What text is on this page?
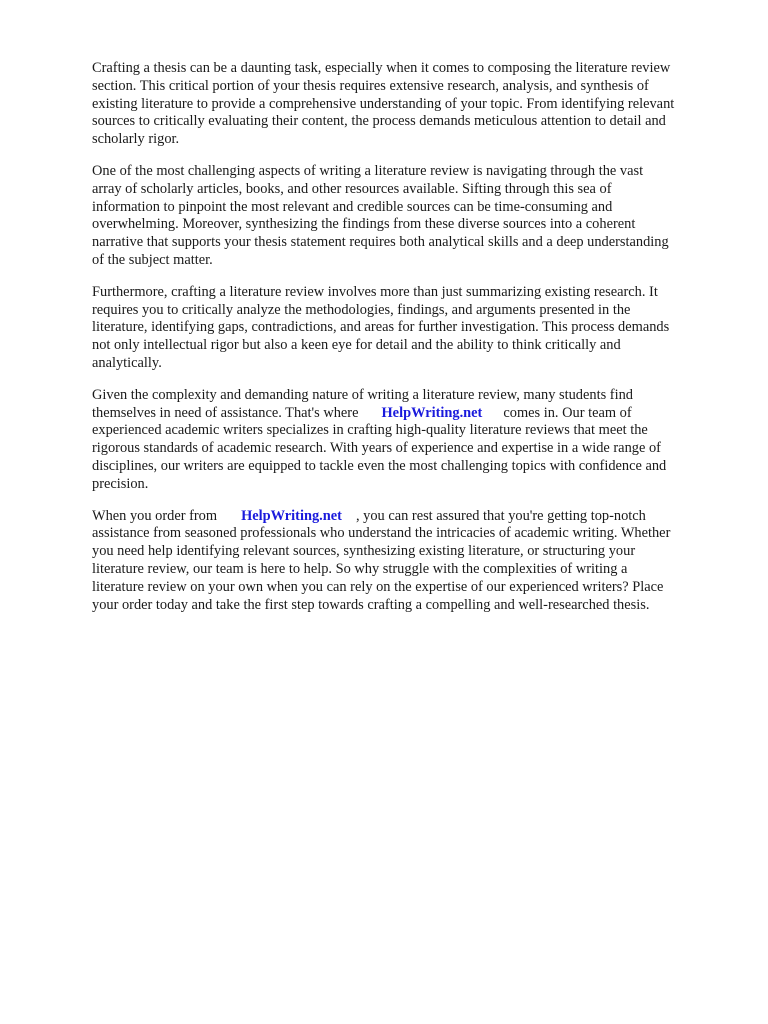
Crafting a thesis can be a daunting task, especially when it comes to composing the literature review
section. This critical portion of your thesis requires extensive research, analysis, and synthesis of
existing literature to provide a comprehensive understanding of your topic. From identifying relevant
sources to critically evaluating their content, the process demands meticulous attention to detail and
scholarly rigor.

One of the most challenging aspects of writing a literature review is navigating through the vast
array of scholarly articles, books, and other resources available. Sifting through this sea of
information to pinpoint the most relevant and credible sources can be time-consuming and
overwhelming. Moreover, synthesizing the findings from these diverse sources into a coherent
narrative that supports your thesis statement requires both analytical skills and a deep understanding
of the subject matter.

Furthermore, crafting a literature review involves more than just summarizing existing research. It
requires you to critically analyze the methodologies, findings, and arguments presented in the
literature, identifying gaps, contradictions, and areas for further investigation. This process demands
not only intellectual rigor but also a keen eye for detail and the ability to think critically and
analytically.

Given the complexity and demanding nature of writing a literature review, many students find
themselves in need of assistance. That's where HelpWriting.net comes in. Our team of
experienced academic writers specializes in crafting high-quality literature reviews that meet the
rigorous standards of academic research. With years of experience and expertise in a wide range of
disciplines, our writers are equipped to tackle even the most challenging topics with confidence and
precision.

When you order from HelpWriting.net , you can rest assured that you're getting top-notch
assistance from seasoned professionals who understand the intricacies of academic writing. Whether
you need help identifying relevant sources, synthesizing existing literature, or structuring your
literature review, our team is here to help. So why struggle with the complexities of writing a
literature review on your own when you can rely on the expertise of our experienced writers? Place
your order today and take the first step towards crafting a compelling and well-researched thesis.
